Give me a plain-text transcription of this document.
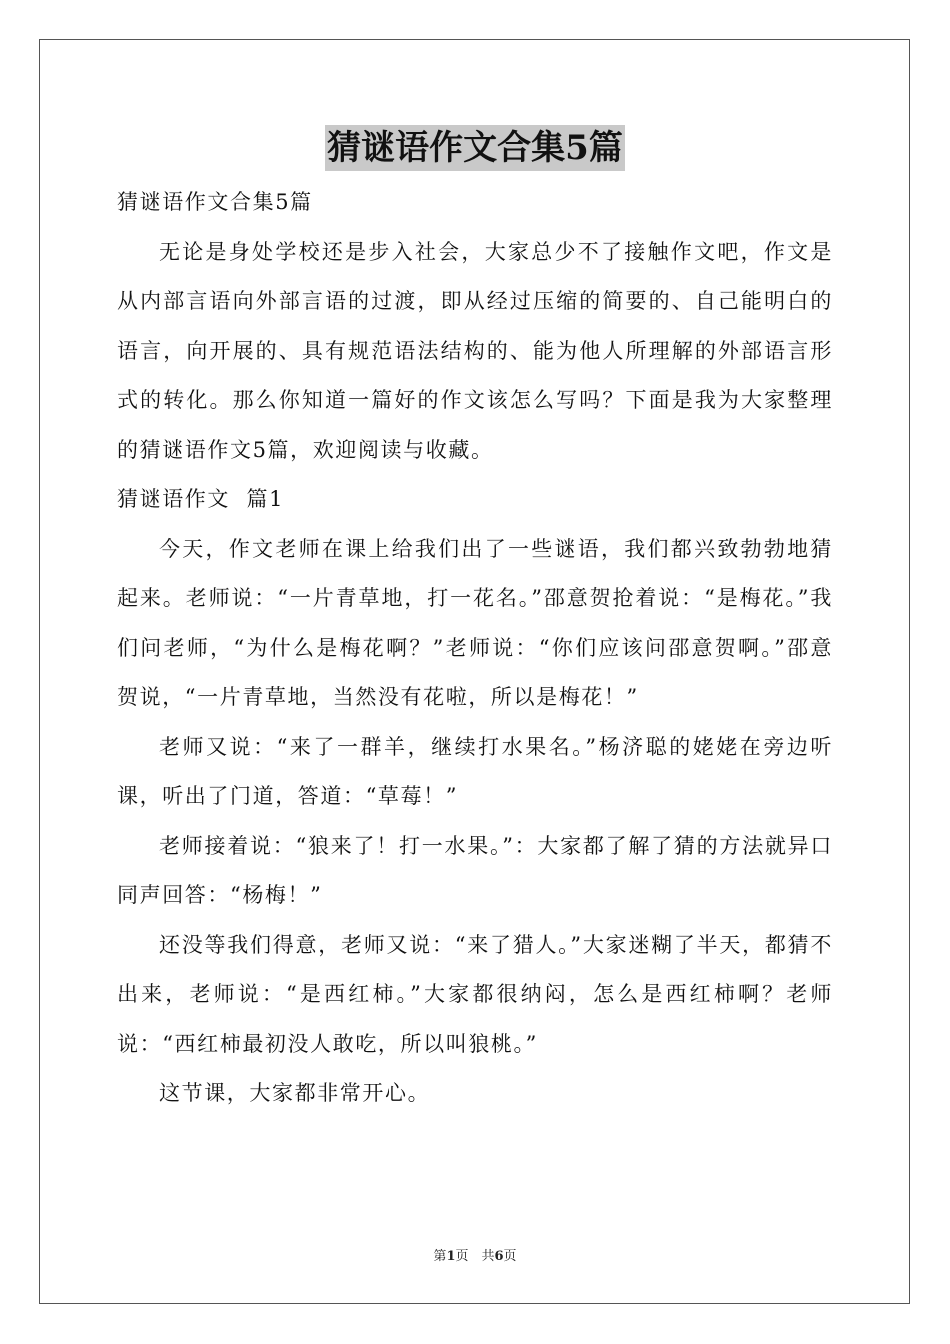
猜谜语作文合集5篇

猜谜语作文合集5篇

无论是身处学校还是步入社会，大家总少不了接触作文吧，作文是从内部言语向外部言语的过渡，即从经过压缩的简要的、自己能明白的语言，向开展的、具有规范语法结构的、能为他人所理解的外部语言形式的转化。那么你知道一篇好的作文该怎么写吗？下面是我为大家整理的猜谜语作文5篇，欢迎阅读与收藏。

猜谜语作文  篇1

今天，作文老师在课上给我们出了一些谜语，我们都兴致勃勃地猜起来。老师说：“一片青草地，打一花名。”邵意贺抢着说：“是梅花。”我们问老师，“为什么是梅花啊？”老师说：“你们应该问邵意贺啊。”邵意贺说，“一片青草地，当然没有花啦，所以是梅花！”

老师又说：“来了一群羊，继续打水果名。”杨济聪的姥姥在旁边听课，听出了门道，答道：“草莓！”

老师接着说：“狼来了！打一水果。”：大家都了解了猜的方法就异口同声回答：“杨梅！”

还没等我们得意，老师又说：“来了猎人。”大家迷糊了半天，都猜不出来，老师说：“是西红柿。”大家都很纳闷，怎么是西红柿啊？老师说：“西红柿最初没人敢吃，所以叫狼桃。”

这节课，大家都非常开心。

第1页　共6页
